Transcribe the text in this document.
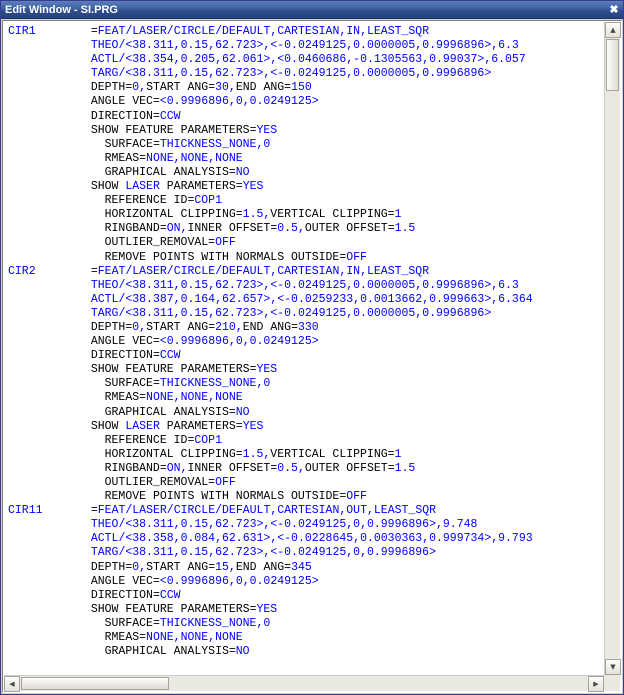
Edit Window - SI.PRG	✖
CIR1	=FEAT/LASER/CIRCLE/DEFAULT,CARTESIAN,IN,LEAST_SQR
THEO/<38.311,0.15,62.723>,<-0.0249125,0.0000005,0.9996896>,6.3
ACTL/<38.354,0.205,62.061>,<0.0460686,-0.1305563,0.99037>,6.057
TARG/<38.311,0.15,62.723>,<-0.0249125,0.0000005,0.9996896>
DEPTH=0,START ANG=30,END ANG=150
ANGLE VEC=<0.9996896,0,0.0249125>
DIRECTION=CCW
SHOW FEATURE PARAMETERS=YES
SURFACE=THICKNESS_NONE,0
RMEAS=NONE,NONE,NONE
GRAPHICAL ANALYSIS=NO
SHOW LASER PARAMETERS=YES
REFERENCE ID=COP1
HORIZONTAL CLIPPING=1.5,VERTICAL CLIPPING=1
RINGBAND=ON,INNER OFFSET=0.5,OUTER OFFSET=1.5
OUTLIER_REMOVAL=OFF
REMOVE POINTS WITH NORMALS OUTSIDE=OFF
CIR2	=FEAT/LASER/CIRCLE/DEFAULT,CARTESIAN,IN,LEAST_SQR
THEO/<38.311,0.15,62.723>,<-0.0249125,0.0000005,0.9996896>,6.3
ACTL/<38.387,0.164,62.657>,<-0.0259233,0.0013662,0.999663>,6.364
TARG/<38.311,0.15,62.723>,<-0.0249125,0.0000005,0.9996896>
DEPTH=0,START ANG=210,END ANG=330
ANGLE VEC=<0.9996896,0,0.0249125>
DIRECTION=CCW
SHOW FEATURE PARAMETERS=YES
SURFACE=THICKNESS_NONE,0
RMEAS=NONE,NONE,NONE
GRAPHICAL ANALYSIS=NO
SHOW LASER PARAMETERS=YES
REFERENCE ID=COP1
HORIZONTAL CLIPPING=1.5,VERTICAL CLIPPING=1
RINGBAND=ON,INNER OFFSET=0.5,OUTER OFFSET=1.5
OUTLIER_REMOVAL=OFF
REMOVE POINTS WITH NORMALS OUTSIDE=OFF
CIR11	=FEAT/LASER/CIRCLE/DEFAULT,CARTESIAN,OUT,LEAST_SQR
THEO/<38.311,0.15,62.723>,<-0.0249125,0,0.9996896>,9.748
ACTL/<38.358,0.084,62.631>,<-0.0228645,0.0030363,0.999734>,9.793
TARG/<38.311,0.15,62.723>,<-0.0249125,0,0.9996896>
DEPTH=0,START ANG=15,END ANG=345
ANGLE VEC=<0.9996896,0,0.0249125>
DIRECTION=CCW
SHOW FEATURE PARAMETERS=YES
SURFACE=THICKNESS_NONE,0
RMEAS=NONE,NONE,NONE
GRAPHICAL ANALYSIS=NO
▲
▼
◀	▶
